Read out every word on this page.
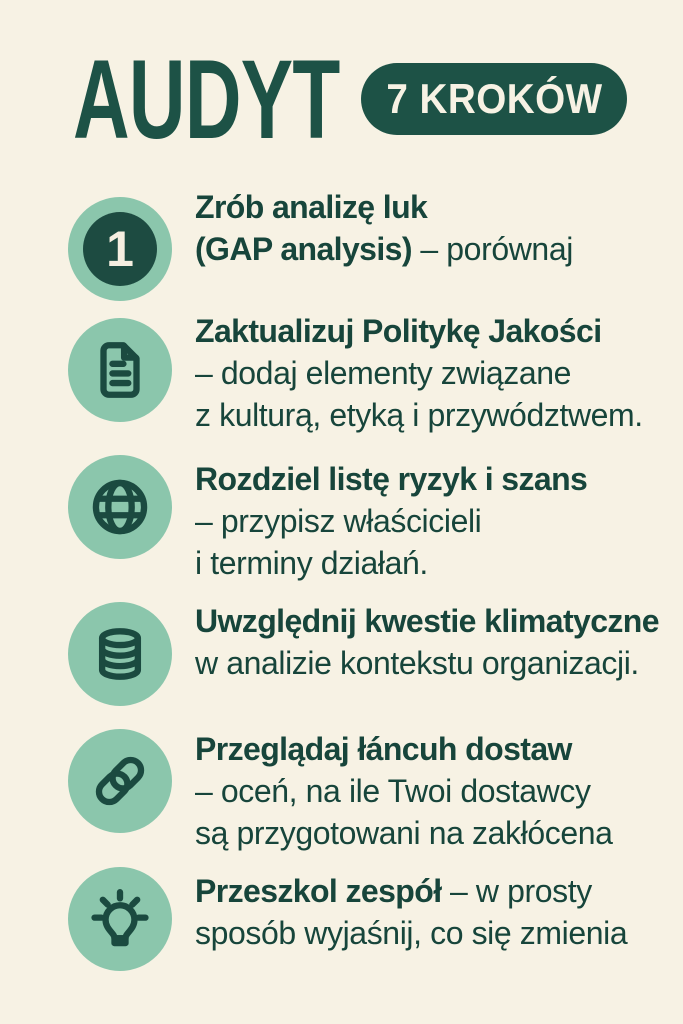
AUDYT 7 KROKÓW
1
Zrób analizę luk
(GAP analysis) – porównaj
Zaktualizuj Politykę Jakości
– dodaj elementy związane
z kulturą, etyką i przywództwem.
Rozdziel listę ryzyk i szans
– przypisz właścicieli
i terminy działań.
Uwzględnij kwestie klimatyczne
w analizie kontekstu organizacji.
Przeglądaj łáncuh dostaw
– oceń, na ile Twoi dostawcy
są przygotowani na zakłócena
Przeszkol zespół – w prosty
sposób wyjaśnij, co się zmienia
